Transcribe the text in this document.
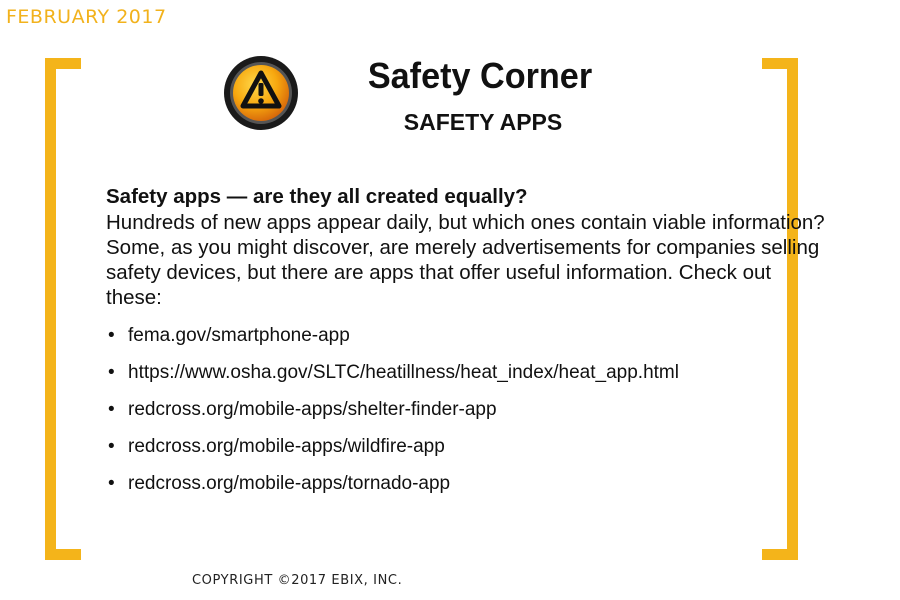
FEBRUARY 2017
Safety Corner
SAFETY APPS
Safety apps — are they all created equally?

Hundreds of new apps appear daily, but which ones contain viable information? Some, as you might discover, are merely advertisements for companies selling safety devices, but there are apps that offer useful information. Check out these:

• fema.gov/smartphone-app
• https://www.osha.gov/SLTC/heatillness/heat_index/heat_app.html
• redcross.org/mobile-apps/shelter-finder-app
• redcross.org/mobile-apps/wildfire-app
• redcross.org/mobile-apps/tornado-app
COPYRIGHT ©2017 EBIX, INC.
